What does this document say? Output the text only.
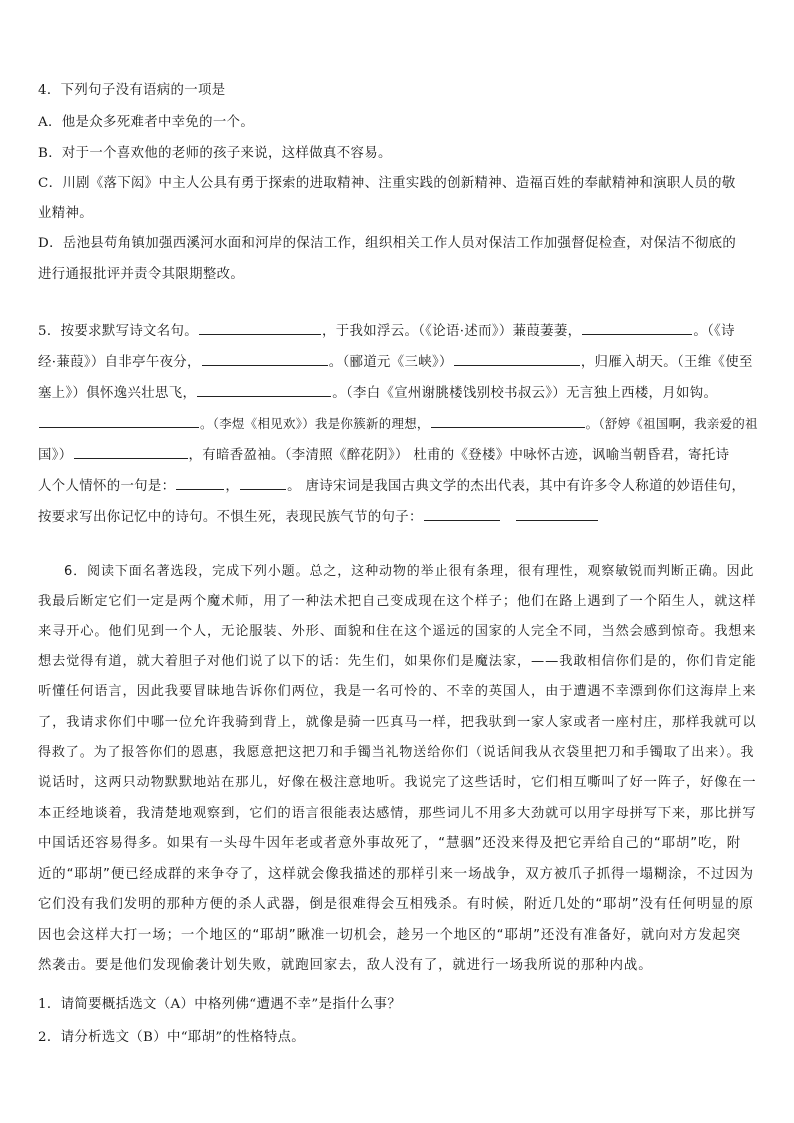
4．下列句子没有语病的一项是
A．他是众多死难者中幸免的一个。
B．对于一个喜欢他的老师的孩子来说，这样做真不容易。
C．川剧《落下闳》中主人公具有勇于探索的进取精神、注重实践的创新精神、造福百姓的奉献精神和演职人员的敬
业精神。
D．岳池县苟角镇加强西溪河水面和河岸的保洁工作，组织相关工作人员对保洁工作加强督促检查，对保洁不彻底的
进行通报批评并责令其限期整改。
5．按要求默写诗文名句。	，于我如浮云。（《论语·述而》）蒹葭萋萋，	。（《诗
经·蒹葭》）自非亭午夜分，	。（郦道元《三峡》）	，归雁入胡天。（王维《使至
塞上》）俱怀逸兴壮思飞，	。（李白《宣州谢朓楼饯别校书叔云》）无言独上西楼，月如钩。
。（李煜《相见欢》）我是你簇新的理想，	。（舒婷《祖国啊，我亲爱的祖
国》）	，有暗香盈袖。（李清照《醉花阴》） 杜甫的《登楼》中咏怀古迹，讽喻当朝昏君，寄托诗
人个人情怀的一句是：	，	。 唐诗宋词是我国古典文学的杰出代表，其中有许多令人称道的妙语佳句，
按要求写出你记忆中的诗句。不惧生死，表现民族气节的句子：
6．阅读下面名著选段，完成下列小题。总之，这种动物的举止很有条理，很有理性，观察敏锐而判断正确。因此
我最后断定它们一定是两个魔术师，用了一种法术把自己变成现在这个样子；他们在路上遇到了一个陌生人，就这样
来寻开心。他们见到一个人，无论服装、外形、面貌和住在这个遥远的国家的人完全不同，当然会感到惊奇。我想来
想去觉得有道，就大着胆子对他们说了以下的话：先生们，如果你们是魔法家，——我敢相信你们是的，你们肯定能
听懂任何语言，因此我要冒昧地告诉你们两位，我是一名可怜的、不幸的英国人，由于遭遇不幸漂到你们这海岸上来
了，我请求你们中哪一位允许我骑到背上，就像是骑一匹真马一样，把我驮到一家人家或者一座村庄，那样我就可以
得救了。为了报答你们的恩惠，我愿意把这把刀和手镯当礼物送给你们（说话间我从衣袋里把刀和手镯取了出来）。我
说话时，这两只动物默默地站在那儿，好像在极注意地听。我说完了这些话时，它们相互嘶叫了好一阵子，好像在一
本正经地谈着，我清楚地观察到，它们的语言很能表达感情，那些词儿不用多大劲就可以用字母拼写下来，那比拼写
中国话还容易得多。如果有一头母牛因年老或者意外事故死了，“慧骃”还没来得及把它弄给自己的“耶胡”吃，附
近的“耶胡”便已经成群的来争夺了，这样就会像我描述的那样引来一场战争，双方被爪子抓得一塌糊涂，不过因为
它们没有我们发明的那种方便的杀人武器，倒是很难得会互相残杀。有时候，附近几处的“耶胡”没有任何明显的原
因也会这样大打一场；一个地区的“耶胡”瞅准一切机会，趁另一个地区的“耶胡”还没有准备好，就向对方发起突
然袭击。要是他们发现偷袭计划失败，就跑回家去，敌人没有了，就进行一场我所说的那种内战。
1．请简要概括选文（A）中格列佛“遭遇不幸”是指什么事？
2．请分析选文（B）中“耶胡”的性格特点。
